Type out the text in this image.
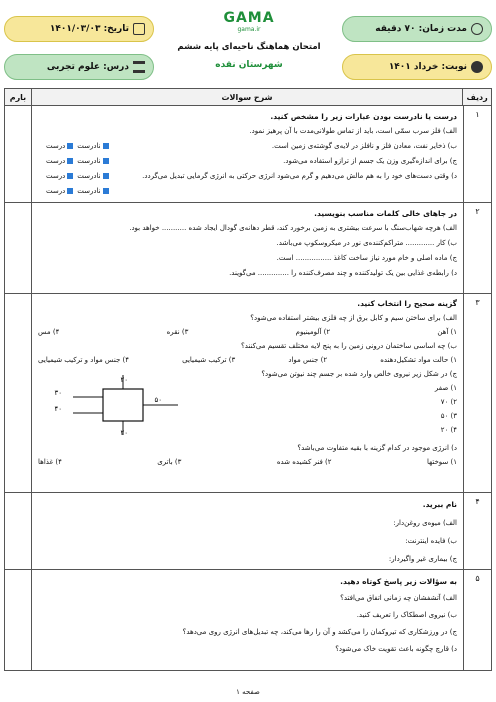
مدت زمان: ۷۰ دقیقه
تاریخ: ۱۴۰۱/۰۳/۰۳
نوبت: خرداد ۱۴۰۱
درس: علوم تجربی
GAMA
gama.ir
امتحان هماهنگ ناحیه‌ای پایه ششم
شهرستان نقده
ردیف
شرح سوالات
بارم
۱
درست یا نادرست بودن عبارات زیر را مشخص کنید.
الف) فلز سرب سمّی است، باید از تماس طولانی‌مدت با آن پرهیز نمود.
نادرست
درست	ب) ذخایر نفت، معادن فلز و نافلز در لایه‌ی گوشته‌ی زمین است.
نادرست
درست	ج) برای اندازه‌گیری وزن یک جسم از ترازو استفاده می‌شود.
نادرست
درست	د) وقتی دست‌های خود را به هم مالش می‌دهیم و گرم می‌شود انرژی حرکتی به انرژی گرمایی تبدیل می‌گردد.
نادرست
درست
۲
در جاهای خالی کلمات مناسب بنویسید.
الف) هرچه شهاب‌سنگ با سرعت بیشتری به زمین برخورد کند، قطر دهانه‌ی گودال ایجاد شده ........... خواهد بود.
ب) کار ............. متراکم‌کننده‌ی نور در میکروسکوپ می‌باشد.
ج) ماده اصلی و خام مورد نیاز ساخت کاغذ ................ است.
د) رابطه‌ی غذایی بین یک تولیدکننده و چند مصرف‌کننده را .............. می‌گویند.
۳
گزینه صحیح را انتخاب کنید.
الف) برای ساختن سیم و کابل برق از چه فلزی بیشتر استفاده می‌شود؟
۱) آهن
۲) آلومینیوم
۳) نقره
۴) مس
ب) چه اساسی ساختمان درونی زمین را به پنج لایه مختلف تقسیم می‌کنند؟
۱) حالت مواد تشکیل‌دهنده
۲) جنس مواد
۳) ترکیب شیمیایی
۴) جنس مواد و ترکیب شیمیایی
ج) در شکل زیر نیروی خالص وارد شده بر جسم چند نیوتن می‌شود؟
۱) صفر
۲) ۷۰
۳) ۵۰
۴) ۲۰
۲۰
۳۰
۴۰
۵۰
۲۰
د) انرژی موجود در کدام گزینه با بقیه متفاوت می‌باشد؟
۱) سوختها
۲) فنر کشیده شده
۳) باتری
۴) غذاها
۴
نام ببرید.
الف) میوه‌ی روغن‌دار:
ب) فایده اینترنت:
ج) بیماری غیر واگیردار:
۵
به سؤالات زیر پاسخ کوتاه دهید.
الف) آتشفشان چه زمانی اتفاق می‌افتد؟
ب) نیروی اصطکاک را تعریف کنید.
ج) در ورزشکاری که تیروکمان را می‌کشد و آن را رها می‌کند، چه تبدیل‌های انرژی روی می‌دهد؟
د) قارچ چگونه باعث تقویت خاک می‌شود؟
صفحه ۱
